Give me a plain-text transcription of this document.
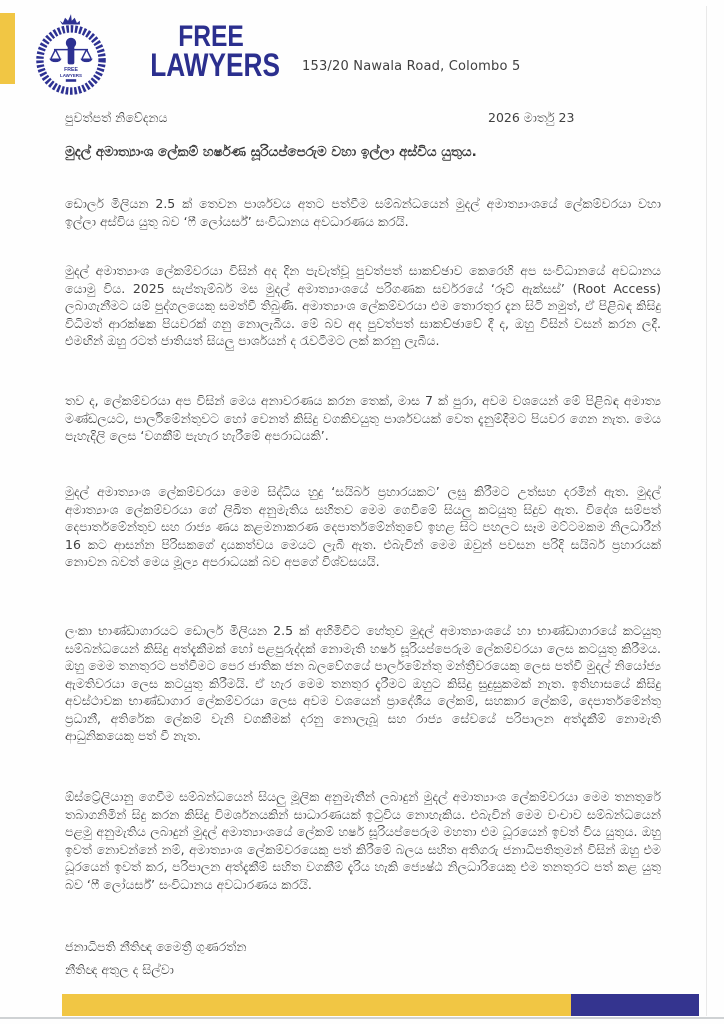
FREE
LAWYERS
FREE
LAWYERS	153/20 Nawala Road, Colombo 5
පුවත්පත් නිවේදනය	2026 මාර්තු 23
මුදල් අමාත්‍යාංශ ලේකම් හර්ෂණ සූරියප්පෙරුම වහා ඉල්ලා අස්විය යුතුය.

ඩොලර් මිලියන 2.5 ක් තෙවන පාර්ශවය අතට පත්වීම සම්බන්ධයෙන් මුදල් අමාත්‍යාංශයේ ලේකම්වරයා වහා ඉල්ලා අස්විය යුතු බව ‘ෆී ලෝයර්ස්’ සංවිධානය අවධාරණය කරයි.

මුදල් අමාත්‍යාංශ ලේකම්වරයා විසින් අද දින පැවැත්වූ පුවත්පත් සාකච්ඡාව කෙරෙහි අප සංවිධානයේ අවධානය යොමු විය. 2025 සැප්තැම්බර් මස මුදල් අමාත්‍යාංශයේ පරිගණක සර්වරයේ ‘රූට් ඇක්සස්’ (Root Access) ලබාගැනීමට යම් පුද්ගලයෙකු සමත්වී තිබුණි. අමාත්‍යාංශ ලේකම්වරයා එම තොරතුර දැන සිටි නමුත්, ඒ පිළිබඳ කිසිදු විධිමත් ආරක්ෂක පියවරක් ගනු නොලැබීය. මේ බව අද පුවත්පත් සාකච්ඡාවේ දී ද, ඔහු විසින් වසන් කරන ලදී. එමඟින් ඔහු රටත් ජාතියත් සියලු පාර්ශයන් ද රැවටීමට ලක් කරනු ලැබීය.

තව ද, ලේකම්වරයා අප විසින් මෙය අනාවරණය කරන තෙක්, මාස 7 ක් පුරා, අවම වශයෙන් මේ පිළිබඳ අමාත්‍ය මණ්ඩලයට, පාර්ලිමේන්තුවට හෝ වෙනත් කිසිදු වගකිවයුතු පාර්ශවයක් වෙත දැනුම්දීමට පියවර ගෙන නැත. මෙය පැහැදිලි ලෙස ‘වගකීම් පැහැර හැරීමේ අපරාධයකි’.

මුදල් අමාත්‍යාංශ ලේකම්වරයා මෙම සිද්ධිය හුදු ‘සයිබර් ප්‍රහාරයකට’ ලඝු කිරීමට උත්සහ දරමින් ඇත. මුදල් අමාත්‍යාංශ ලේකම්වරයා ගේ ලිඛිත අනුමැතිය සහිතව මෙම ගෙවීමේ සියලු කටයුතු සිදුව ඇත. විදේශ සම්පත් දෙපාර්තමේන්තුව සහ රාජ්‍ය ණය කළමනාකරණ දෙපාර්තමේන්තුවේ ඉහළ සිට පහලට සෑම මට්ටමකම නිලධාරීන් 16 කට ආසන්න පිරිසකගේ දායකත්වය මෙයට ලැබී ඇත. එබැවින් මෙම ඔවුන් පවසන පරිදි සයිබර් ප්‍රහාරයක් නොවන බවත් මෙය මූල්‍ය අපරාධයක් බව අපගේ විශ්වසයයි.

ලංකා භාණ්ඩාගාරයට ඩොලර් මිලියන 2.5 ක් අහිමිවීට හේතුව මුදල් අමාත්‍යාංශයේ හා භාණ්ඩාගාරයේ කටයුතු සම්බන්ධයෙන් කිසිදු අත්දැකීමක් හෝ පළපුරුද්දක් නොමැති හර්ෂ සූරියප්පෙරුම ලේකම්වරයා ලෙස කටයුතු කිරීමය. ඔහු මෙම තනතුරට පත්වීමට පෙර ජාතික ජන බලවේගයේ පාර්ලමේන්තු මන්ත්‍රීවරයෙකු ලෙස පත්වී මුදල් නියෝජ්‍ය ඇමතිවරයා ලෙස කටයුතු කිරීමයි. ඒ හැර මෙම තනතුර දැරීමට ඔහුට කිසිදු සුදුසුකමක් නැත. ඉතිහාසයේ කිසිදු අවස්ථාවක භාණ්ඩාගාර ලේකම්වරයා ලෙස අවම වශයෙන් ප්‍රාදේශීය ලේකම්, සහකාර ලේකම්, දෙපාර්තමේන්තු ප්‍රධානී, අතිරේක ලේකම් වැනි වගකීමක් දරනු නොලැබූ සහ රාජ්‍ය සේවයේ පරිපාලන අත්දැකීම් නොමැති ආධුනිකයෙකු පත් වී නැත.

ඕස්ට්‍රේලියානු ගෙවීම සම්බන්ධයෙන් සියලු මූලික අනුමැතීන් ලබාදුන් මුදල් අමාත්‍යාංශ ලේකම්වරයා මෙම තනතුරේ තබාගනිමින් සිදු කරන කිසිදු විමර්ශනයකින් සාධාරණයක් ඉටුවිය නොහැකිය. එබැවින් මෙම වංචාව සම්බන්ධයෙන් පළමු අනුමැතිය ලබාදුන් මුදල් අමාත්‍යාංශයේ ලේකම් හර්ෂ සූරියප්පෙරුම මහතා එම ධූරයෙන් ඉවත් විය යුතුය. ඔහු ඉවත් නොවන්නේ නම්, අමාත්‍යාංශ ලේකම්වරයෙකු පත් කිරීමේ බලය සහිත අතිගරු ජනාධිපතිතුමන් විසින් ඔහු එම ධූරයෙන් ඉවත් කර, පරිපාලන අත්දැකීම් සහිත වගකීම් දැරිය හැකි ජ්‍යෙෂ්ඨ නිලධාරියෙකු එම තනතුරට පත් කළ යුතු බව ‘ෆී ලෝයර්ස්’ සංවිධානය අවධාරණය කරයි.

ජනාධිපති නීතිඥ මෛත්‍රී ගුණරත්න
නීතිඥ අතුල ද සිල්වා
